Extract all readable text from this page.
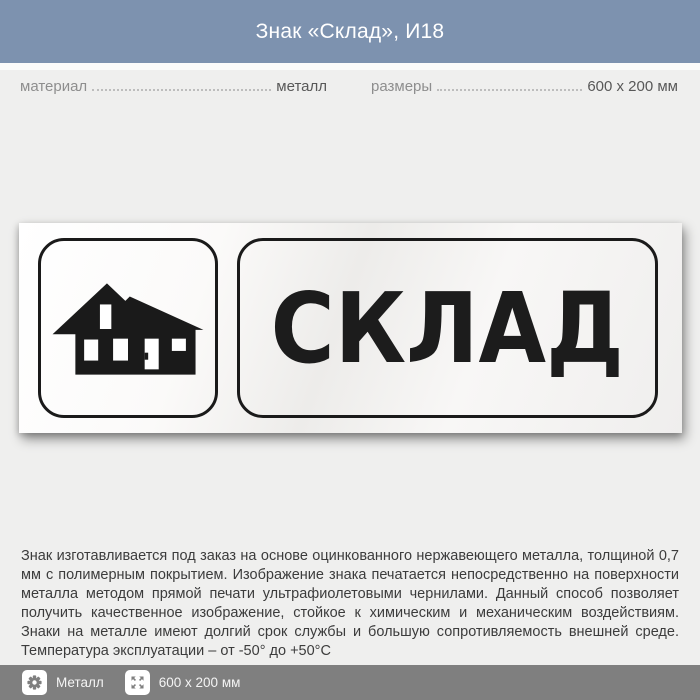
Знак «Склад», И18
материал	металл	размеры	600 x 200 мм
СКЛАД

Знак изготавливается под заказ на основе оцинкованного нержавеющего металла, толщиной 0,7 мм с полимерным покрытием. Изображение знака печатается непосредственно на поверхности металла методом прямой печати ультрафиолетовыми чернилами. Данный способ позволяет получить качественное изображение, стойкое к химическим и механическим воздействиям. Знаки на металле имеют долгий срок службы и большую сопротивляемость внешней среде. Температура эксплуатации – от -50° до +50°С

Металл	600 x 200 мм
